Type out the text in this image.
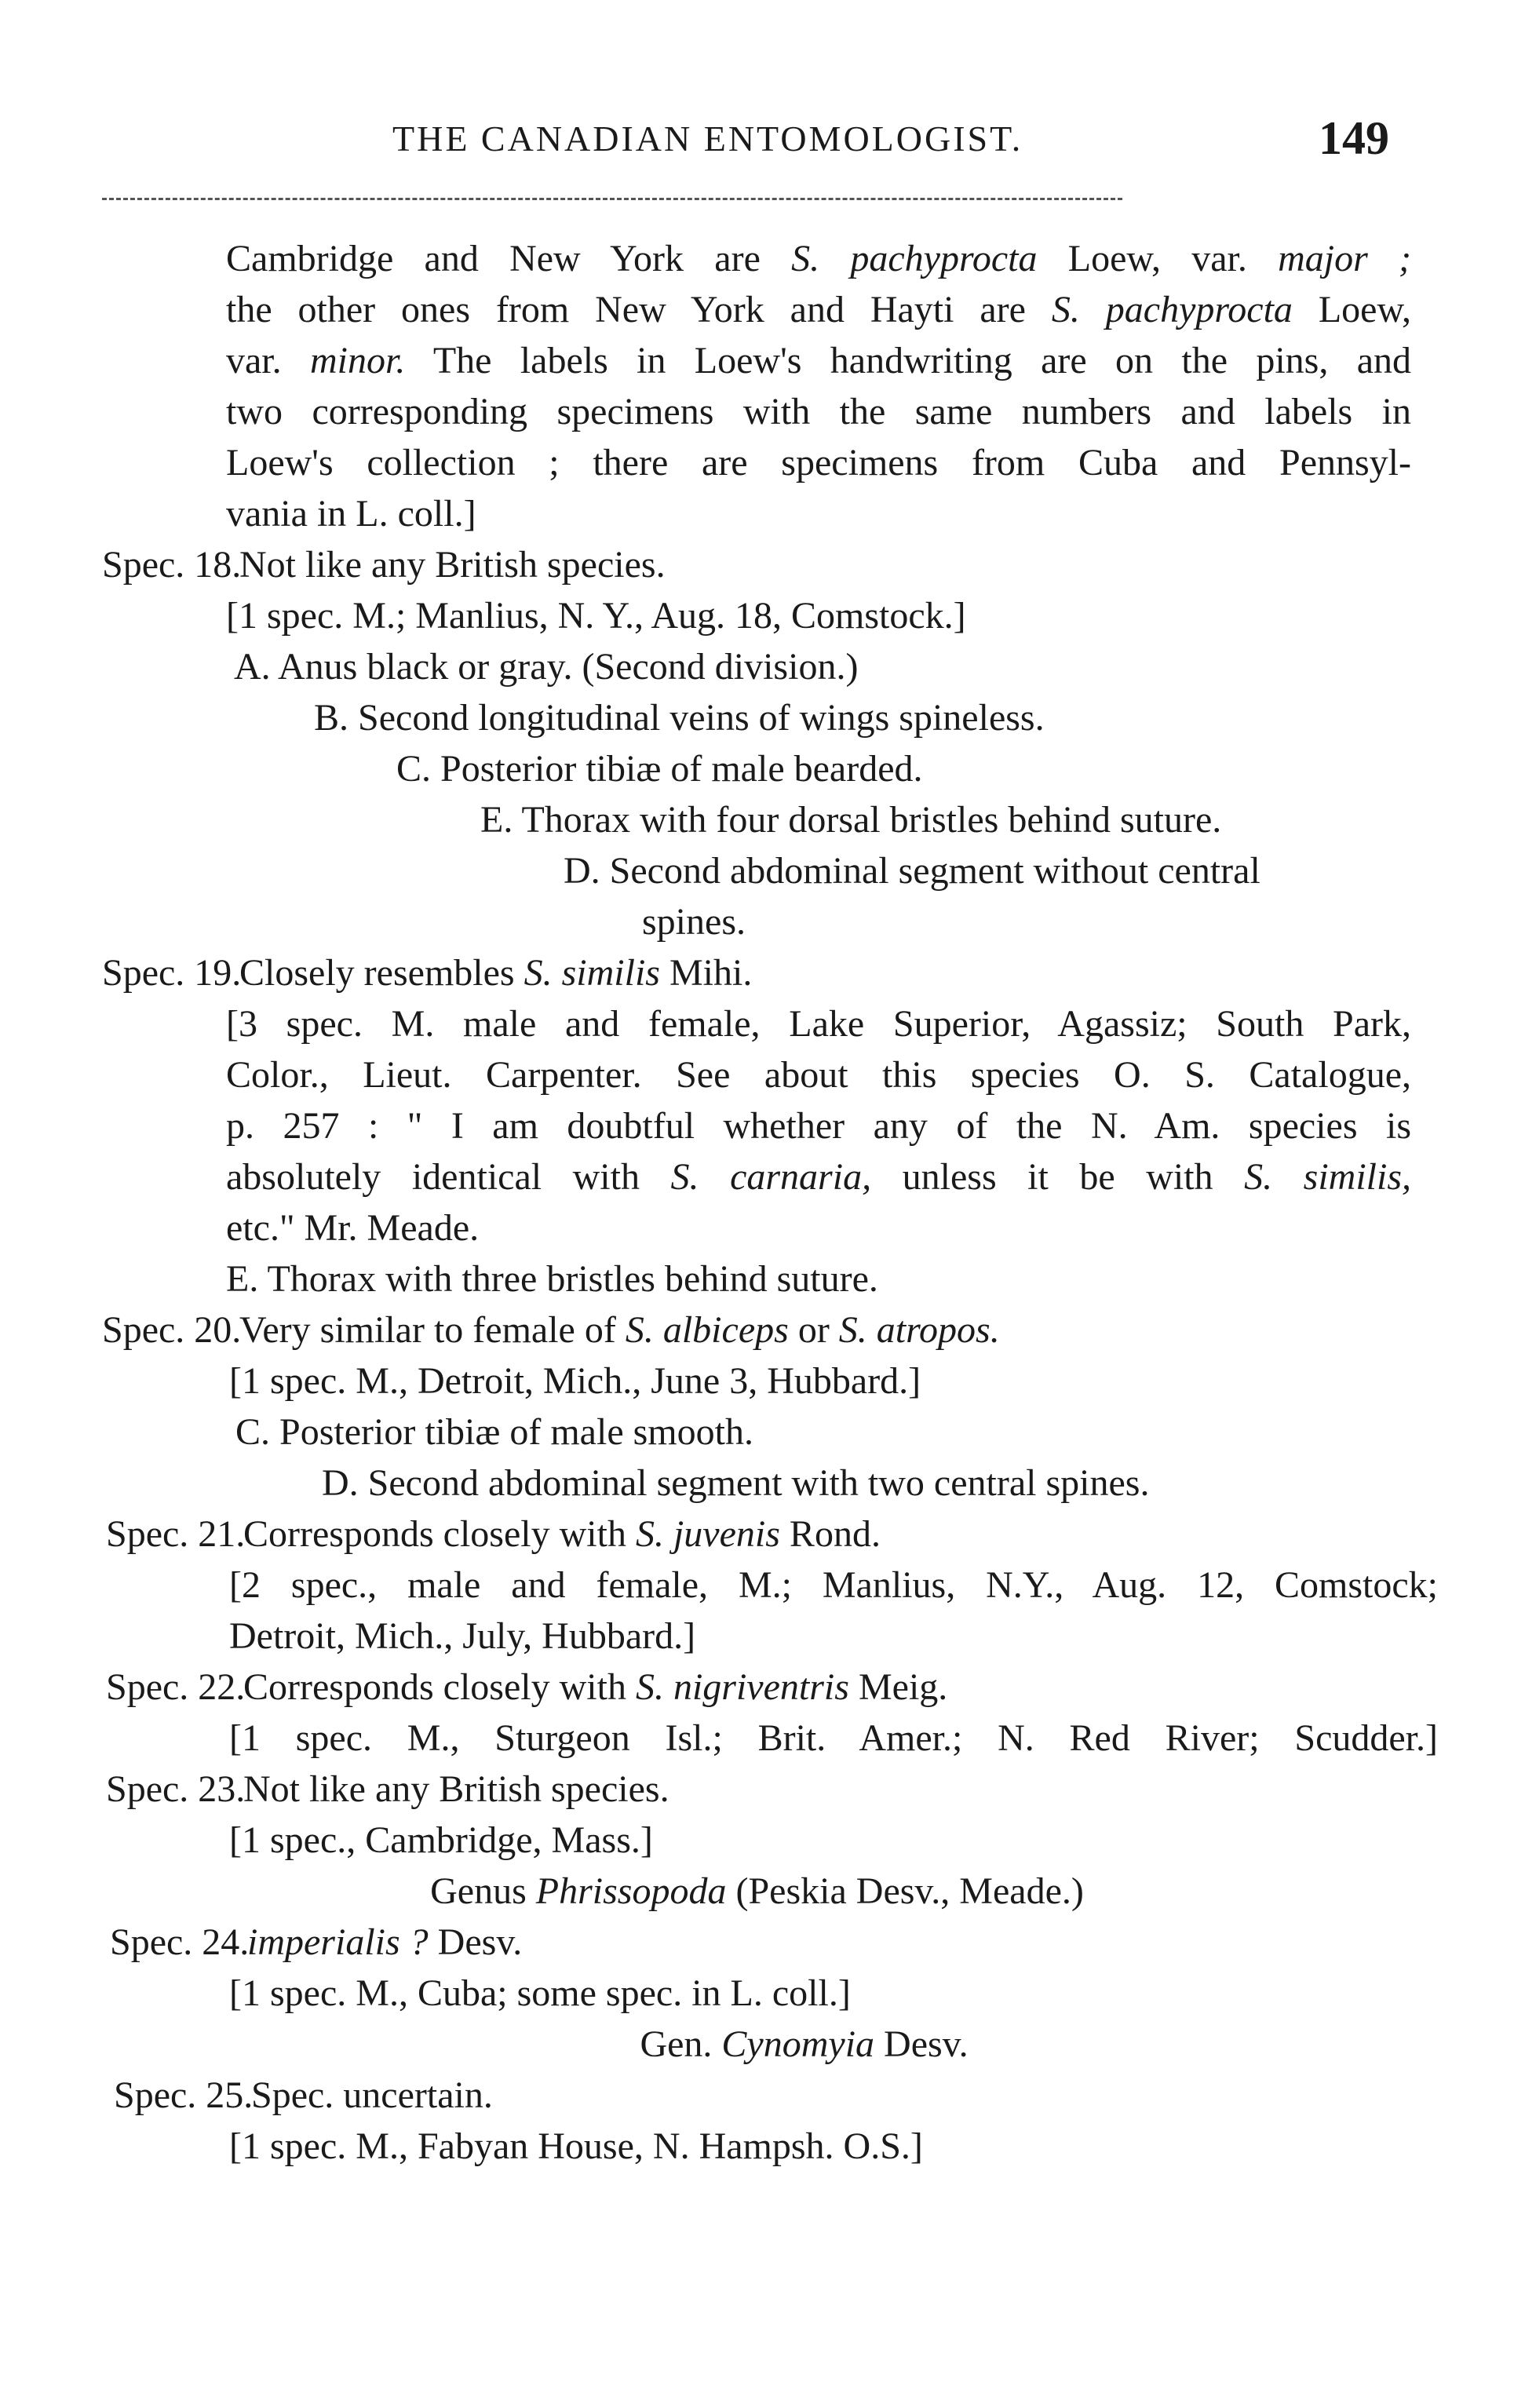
THE CANADIAN ENTOMOLOGIST.	149
Cambridge and New York are S. pachyprocta Loew, var. major ;
the other ones from New York and Hayti are S. pachyprocta Loew,
var. minor. The labels in Loew's handwriting are on the pins, and
two corresponding specimens with the same numbers and labels in
Loew's collection ; there are specimens from Cuba and Pennsyl-
vania in L. coll.]
Spec. 18.Not like any British species.
[1 spec. M.; Manlius, N. Y., Aug. 18, Comstock.]
A. Anus black or gray. (Second division.)
B. Second longitudinal veins of wings spineless.
C. Posterior tibiæ of male bearded.
E. Thorax with four dorsal bristles behind suture.
D. Second abdominal segment without central
spines.
Spec. 19.Closely resembles S. similis Mihi.
[3 spec. M. male and female, Lake Superior, Agassiz; South Park,
Color., Lieut. Carpenter. See about this species O. S. Catalogue,
p. 257 : " I am doubtful whether any of the N. Am. species is
absolutely identical with S. carnaria, unless it be with S. similis,
etc." Mr. Meade.
E. Thorax with three bristles behind suture.
Spec. 20.Very similar to female of S. albiceps or S. atropos.
[1 spec. M., Detroit, Mich., June 3, Hubbard.]
C. Posterior tibiæ of male smooth.
D. Second abdominal segment with two central spines.
Spec. 21.Corresponds closely with S. juvenis Rond.
[2 spec., male and female, M.; Manlius, N.Y., Aug. 12, Comstock;
Detroit, Mich., July, Hubbard.]
Spec. 22.Corresponds closely with S. nigriventris Meig.
[1 spec. M., Sturgeon Isl.; Brit. Amer.; N. Red River; Scudder.]
Spec. 23.Not like any British species.
[1 spec., Cambridge, Mass.]
Genus Phrissopoda (Peskia Desv., Meade.)
Spec. 24.imperialis ? Desv.
[1 spec. M., Cuba; some spec. in L. coll.]
Gen. Cynomyia Desv.
Spec. 25.Spec. uncertain.
[1 spec. M., Fabyan House, N. Hampsh. O.S.]
